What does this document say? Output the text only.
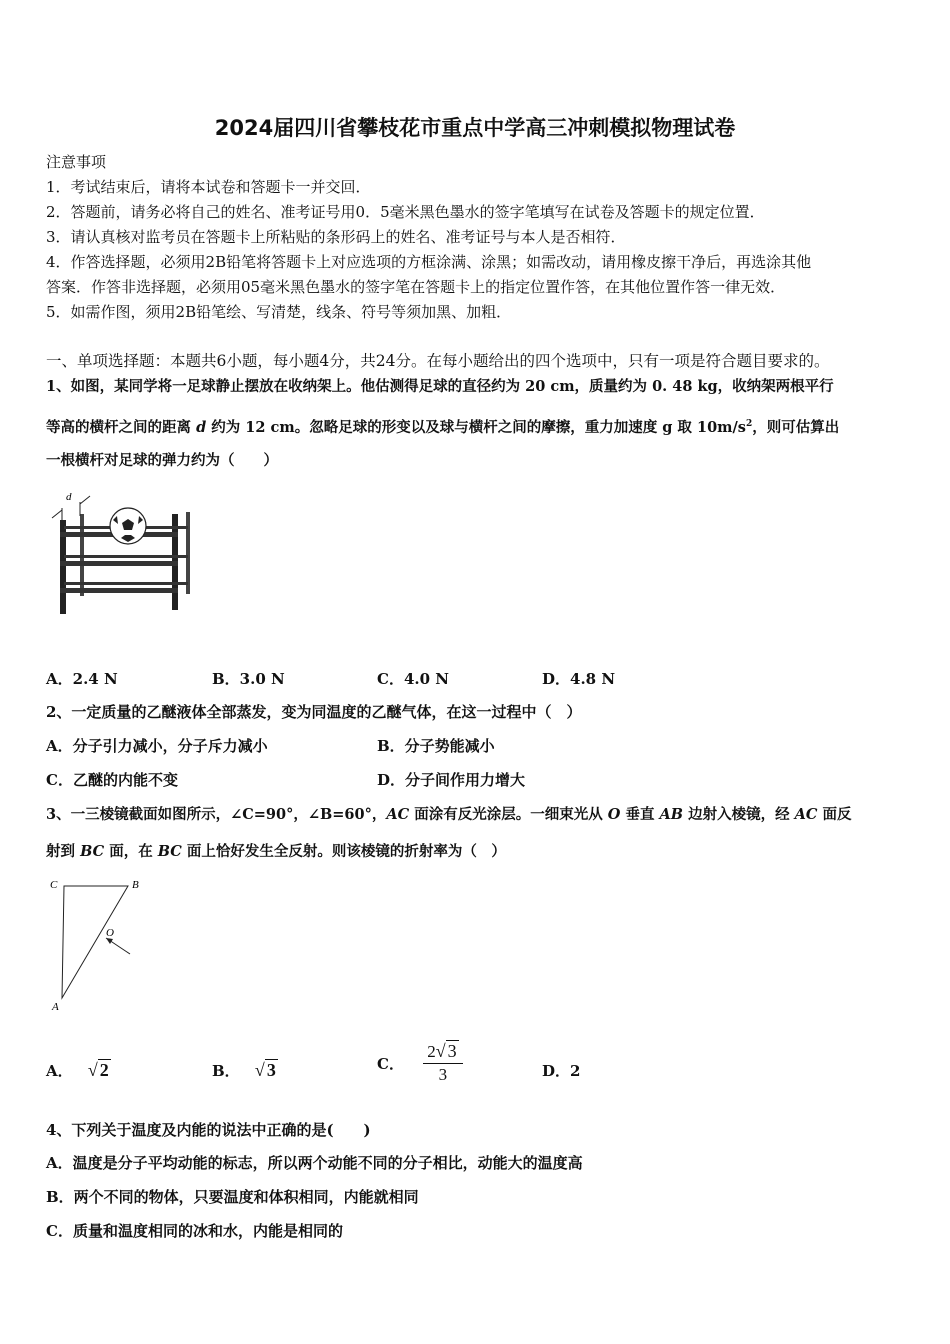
2024届四川省攀枝花市重点中学高三冲刺模拟物理试卷
注意事项
1．考试结束后，请将本试卷和答题卡一并交回．
2．答题前，请务必将自己的姓名、准考证号用0．5毫米黑色墨水的签字笔填写在试卷及答题卡的规定位置．
3．请认真核对监考员在答题卡上所粘贴的条形码上的姓名、准考证号与本人是否相符．
4．作答选择题，必须用2B铅笔将答题卡上对应选项的方框涂满、涂黑；如需改动，请用橡皮擦干净后，再选涂其他
答案．作答非选择题，必须用05毫米黑色墨水的签字笔在答题卡上的指定位置作答，在其他位置作答一律无效．
5．如需作图，须用2B铅笔绘、写清楚，线条、符号等须加黑、加粗．
一、单项选择题：本题共6小题，每小题4分，共24分。在每小题给出的四个选项中，只有一项是符合题目要求的。
1、如图，某同学将一足球静止摆放在收纳架上。他估测得足球的直径约为 20 cm，质量约为 0. 48 kg，收纳架两根平行
等高的横杆之间的距离 d 约为 12 cm。忽略足球的形变以及球与横杆之间的摩擦，重力加速度 g 取 $10m/s^2$，则可估算出
一根横杆对足球的弹力约为（　　）
d
A．2.4 N	B．3.0 N	C．4.0 N	D．4.8 N
2、一定质量的乙醚液体全部蒸发，变为同温度的乙醚气体，在这一过程中（　）
A．分子引力减小，分子斥力减小	B．分子势能减小
C．乙醚的内能不变	D．分子间作用力增大
3、一三棱镜截面如图所示，∠C=90°，∠B=60°，AC 面涂有反光涂层。一细束光从 O 垂直 AB 边射入棱镜，经 AC 面反
射到 BC 面，在 BC 面上恰好发生全反射。则该棱镜的折射率为（　）
C	B
O
A
A． √ 2	B． √ 3	C． $\frac{2√ 3}{3}$	D．2
4、下列关于温度及内能的说法中正确的是(　　)
A．温度是分子平均动能的标志，所以两个动能不同的分子相比，动能大的温度高
B．两个不同的物体，只要温度和体积相同，内能就相同
C．质量和温度相同的冰和水，内能是相同的
